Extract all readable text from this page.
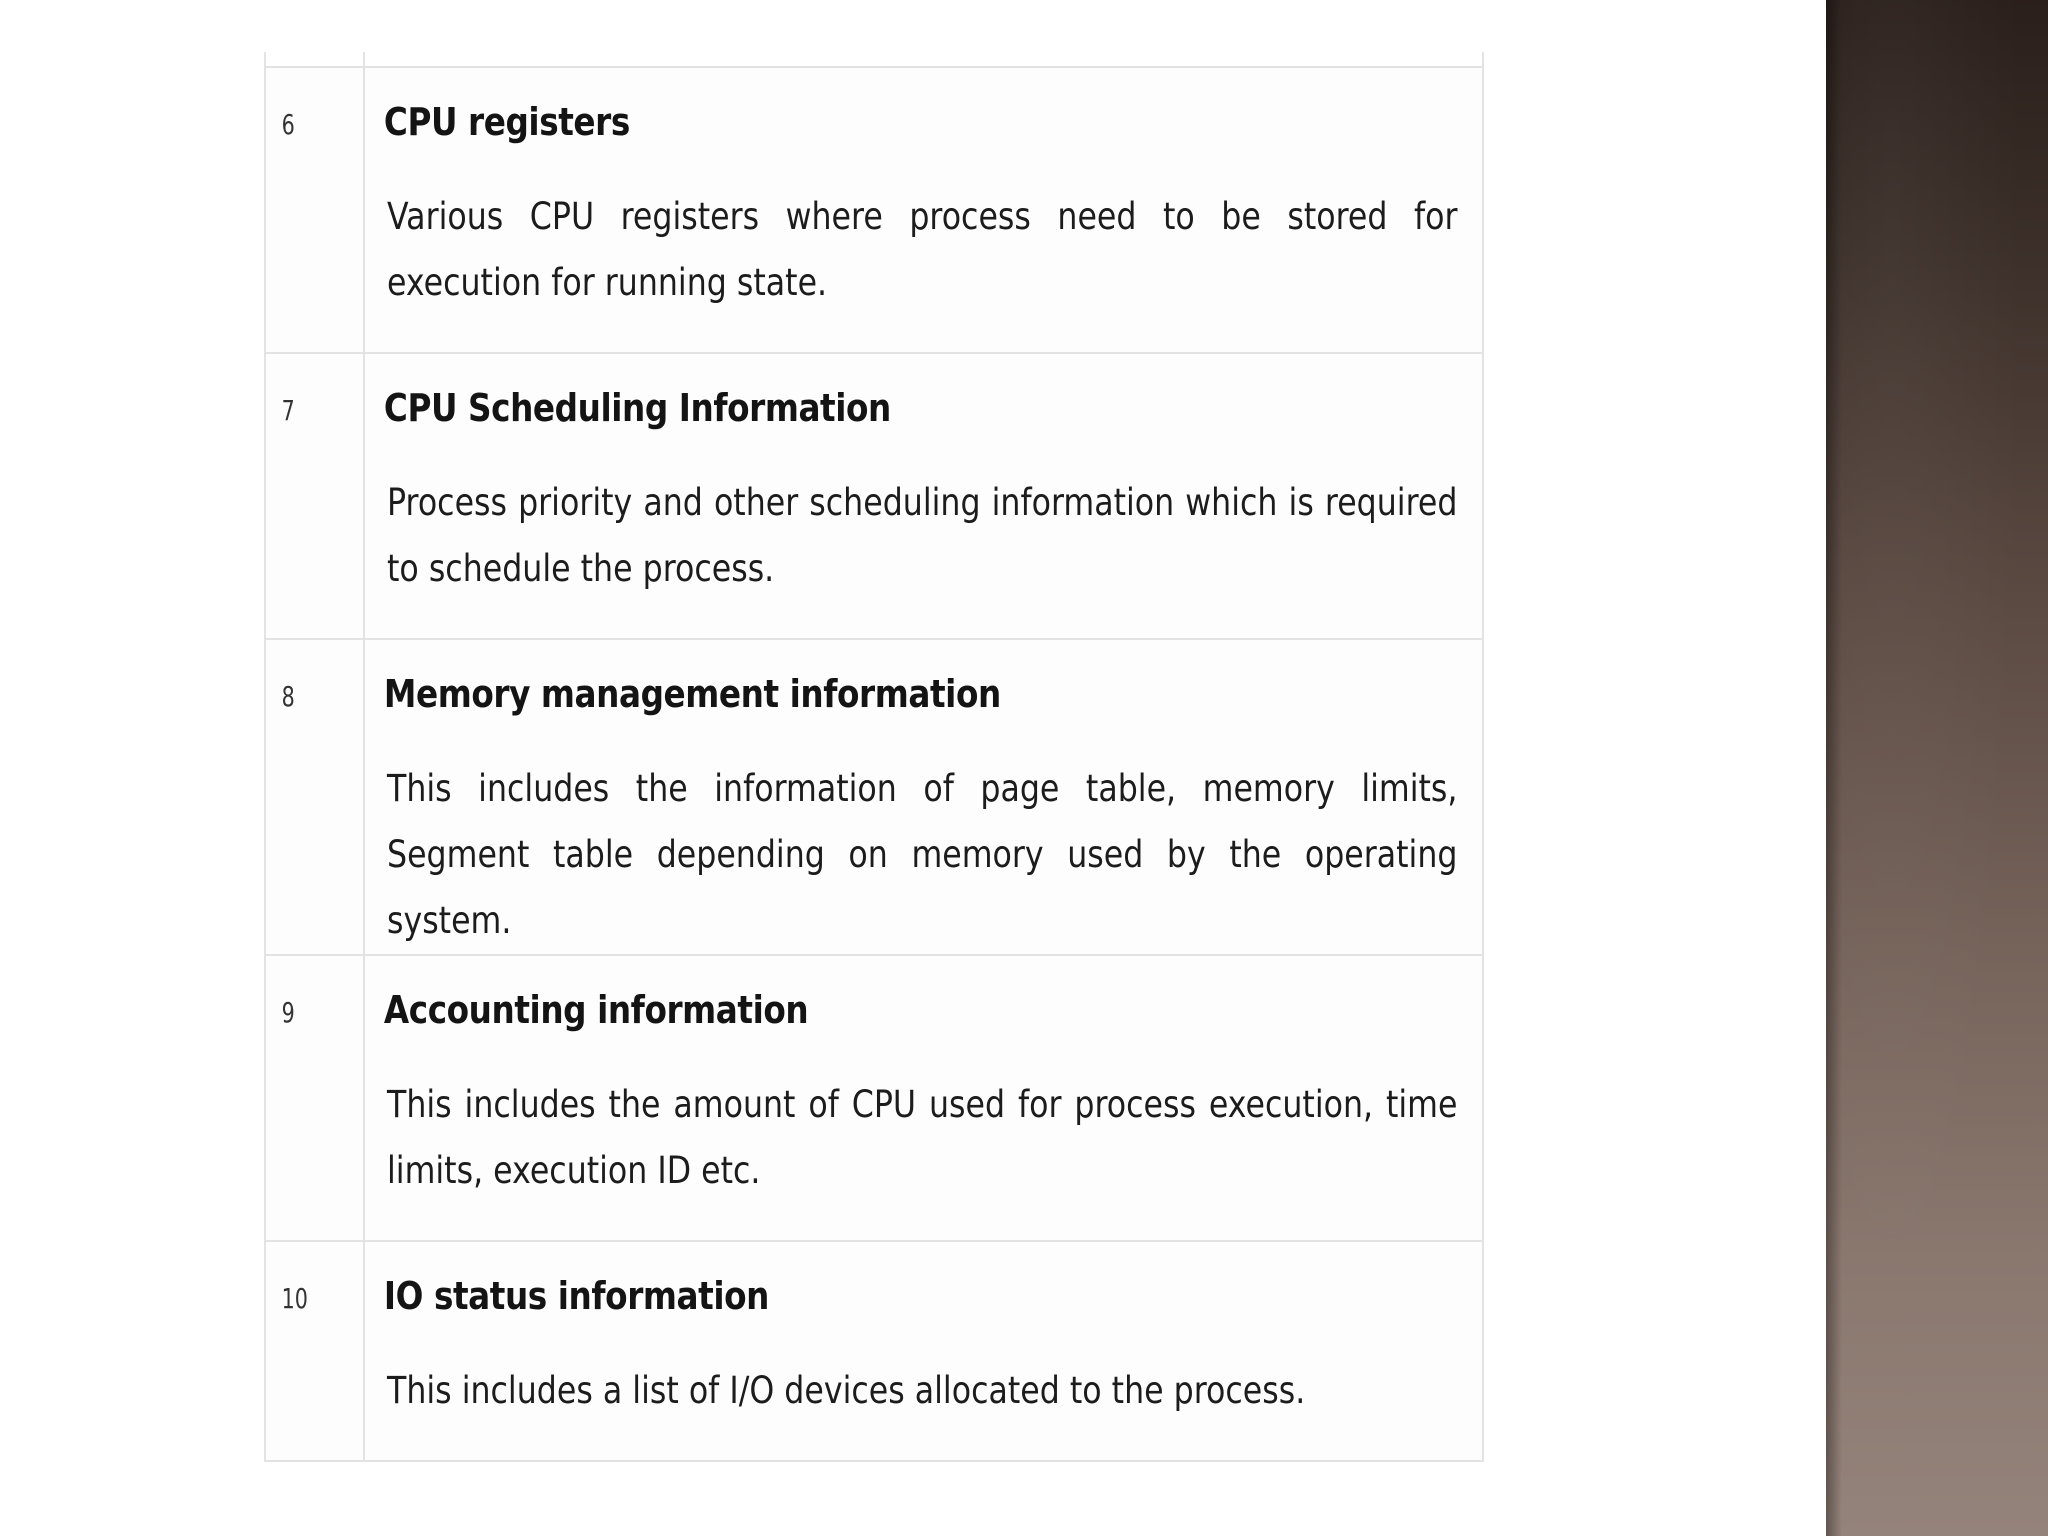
6	CPU registers
Various CPU registers where process need to be stored for execution for running state.

7	CPU Scheduling Information
Process priority and other scheduling information which is required to schedule the process.

8	Memory management information
This includes the information of page table, memory limits, Segment table depending on memory used by the operating system.

9	Accounting information
This includes the amount of CPU used for process execution, time limits, execution ID etc.

10	IO status information
This includes a list of I/O devices allocated to the process.
